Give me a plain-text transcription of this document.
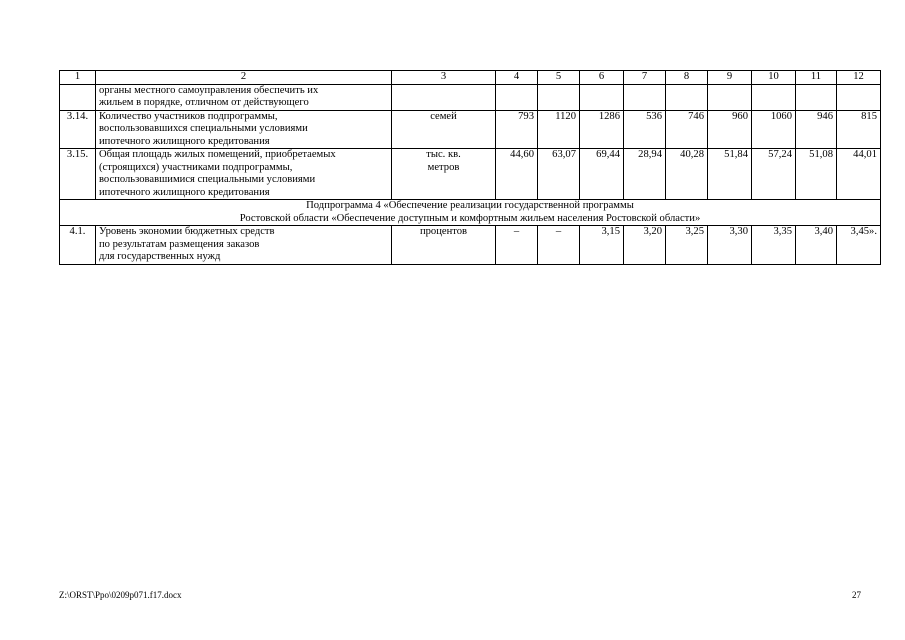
1	2	3	4	5	6	7	8	9	10	11	12

	органы местного самоуправления обеспечить их
жильем в порядке, отличном от действующего										

3.14.	Количество участников подпрограммы,
воспользовавшихся специальными условиями
ипотечного жилищного кредитования	семей	793	1120	1286	536	746	960	1060	946	815
3.15.	Общая площадь жилых помещений, приобретаемых
(строящихся) участниками подпрограммы,
воспользовавшимися специальными условиями
ипотечного жилищного кредитования	тыс. кв.
метров	44,60	63,07	69,44	28,94	40,28	51,84	57,24	51,08	44,01

Подпрограмма 4 «Обеспечение реализации государственной программы
Ростовской области «Обеспечение доступным и комфортным жильем населения Ростовской области»											

4.1.	Уровень экономии бюджетных средств
по результатам размещения заказов
для государственных нужд	процентов	–	–	3,15	3,20	3,25	3,30	3,35	3,40	3,45».
Z:\ORST\Ppo\0209p071.f17.docx	27
